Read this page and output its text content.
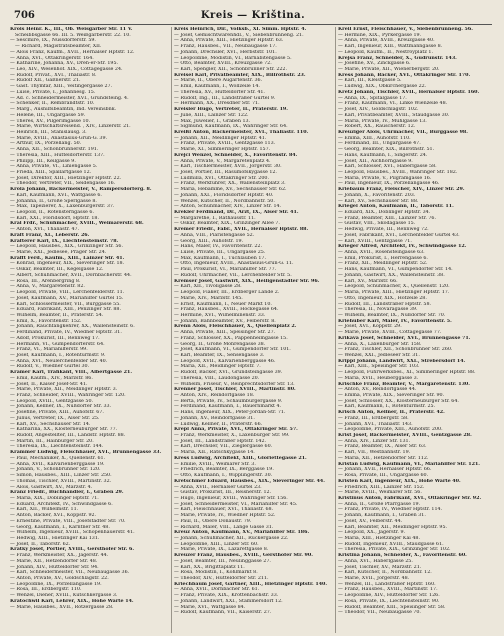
706	Kreis — Kriština.
Krois Heinr. K., III., Ob. Weisgärber Str. 11 V.
Scheibbsgasse 66. III. 5. Weißgärberstr. 22. 10.
— Sescmire, IX., Nussdorferstr. 59.
— Richard, Magistratsbeamter, XII.
— Alois Franz, Kaufm., XVII., Hernalser Hptstr. 12.
— Anna, XVI., Ottakringerstr. 164.
— Katharine, Johanna, XV., Dreh-er-Str. 195.
— Leo, XIV., Wesenhof. XIX., Cottagegasse 24.
— Rudolf, Privat., XVI., Thaliastr. 8.
— Rudolf XII., Gaßnerstr. 21.
— Gäst. Thymfar, XIII., Veitingergasse 27.
— Luise, Private, I., Johannesg. 15.
— Ad. c. Schneidermeister, XVI., Grundsteing. 4.
— Schenker, II., Rembrandtstr. 10.
— Marg., Aushilfsbeamtin, Ind. Vereinsbnk.
— Helene, III., Ungargasse 59.
— Theres, XV., Pilgerimgasse 10.
— Marie, Wirtschaftsreisend. , XIV., Linzerstr. 21.
— Heinrich, III., Stanislausg. 3.
— Marie, XVIII., Anastasius-Grün-G. 39.
— Arthur, IX., Porzellang. 50.
— Anna, XII., Schönbrunnerstr. 191.
— Theresia, XIII., Hütteldorferstr. 137.
— Philipp, III., Keilgasse 9.
— Anna, Private, VI., Liniengasse 5.
— Frieda, XIII., Spallartgasse 12.
— Josef, Direktor, XIII., Hietzinger Hptstr. 22.
— Theodor, Vertreter, VII., Seidengasse 16.
Kröla Johann, Bäckermeister, V., Rampersdorferg. 8.
— Karl, Kaufmann, XVI., Wattgasse 6.
— Johanna, II., Große Sperlgasse 8.
— Max, Tapezierer, X., Laxenburgerstr. 37.
— Leopold, II., Rotensterngasse 6.
— Karl, XXI., Floridsdorf, Hptstr. 18.
Kral Frdr., Schuhmacher, XVIII., Weimarerstr. 68.
— Anton, XVI., Thaliastr. 47.
Kräft Franz, XI., Leberstr. 26.
Krafterer Karl, IX., Liechtensteinstr. 78.
— Leopold, Hausbes., XIX., Grinzinger Str. 56.
— Marie, XXI., Jedlesee, Prager Str. 24.
Krafft Ferd., Kaufm., XIII., Lainzer Str. 41.
— Konrad, Ingenieur, XIX., Sieveringer Str. 18.
— Oskar, Beamter, III., Kegelgasse 12.
— Albert, Schuhmacher, XVII., Dornbacherstr. 44.
— Rosa, III., Arenbergring 8.
— Anna, V., Margaretenstr. 82.
— Leopold, Private, VIII., Lerchenfelderstr. 11.
— Josef, Kaufmann, XV., Mariahilfer Gürtel 15.
— Karl, Schlossermeister, VII., Burggasse 55.
— Eduard, Fabrikant, XIII., Penzinger Str. 88.
— Wilhelm, Beamter, II., Praterstr. 54.
— Emil, X., Favoritenstr. 152.
— Johann, Rauchfangkehrer, XX., Wallensteinstr. 6.
— Ferdinand, Private, IV., Wiedner Hptstr. 31.
— Adolf, Prokurist, III., Rennweg 17.
— Hermann, VI., Gumpendorferstr. 64.
— Franz, VI., Mariahilferstr. 99.
— Josef, Kaufmann, I., Rotenturmstr. 9.
— Anna, XVI., Neulerchenfelder Str. 40.
— Rudolf, V., Wiedner Gürtel 30.
Kramer Karl, Trafikant, VIII., Albertgasse 21.
— Emil, Kaufm., XIV., Märzstr. 86.
— Josef, II., Kaiser Josef-Str. 41.
— Marie, Private, XII., Meidlinger Hptstr. 3.
— Franz, Schneider, XVIII., Währinger Str. 120.
— Leopold, XVIII., Gentzgasse 50.
— Johann, Kellner, IX., Nußdorfer Str. 33.
— Josefine, Private, XIII., Auhofstr. 67.
— Julius, Vertreter, IX., Alser Str. 25.
— Karl, XV., Sechshauser Str. 14.
— Katharina, XX., Klosterneuburger Str. 77.
— Rudolf, Angestellter, III., Landstr. Hptstr. 88.
— Martin, III., Hainburger Str. 20.
— Theresia, IX., Liechtensteinstr. 144.
Krammer Ludwig, Fleischhauer, XVI., Brunnengasse 33.
— Paul, Mechaniker, X., Quellenstr. 61.
— Anna, XVII., Kalvarienberggasse 19.
— Johann, V., Schönbrunner Str. 120.
— Simon, Hausbes., XIII., Linzer Str. 250.
— Thomas, Tischler, XVIII., Martinstr. 32.
— Alois, Gastwirt, XV., Märzstr. 4.
Kranz Friedr., Buchhändler, I., Graben 29.
— Maria, XIX., Döblinger Hptstr. 71.
— Eduard, Architekt, IV., Schwindgasse 6.
— Karl, XII., Wilhelmstr. 11.
— Anton, Bäcker, XVI., Koppstr. 92.
— Ernestine, Private, VIII., Josefstädter Str. 70.
— Georg, Kaufmann, I., Kärntner Str. 48.
— Wilhelm, Ingenieur, XVIII., Schopenhauerstr. 41.
— Hedwig, XIII., Hietzinger Kai 131.
— Josef, II., Taborstr. 62.
Kratky Josef, Portier, XVIII., Gersthofer Str. 6.
— Franz, Werkmeister, XX., Jägerstr. 44.
— Marie, XII., Hetzendorfer Str. 48.
— Johann, XIV., Hütteldorfer Str. 94.
— Karl, Schneidermeister, VII., Neubaugasse 36.
— Anton, Private, XV., Goldschlagstr. 22.
— Leopoldine, IX., Porzellangasse 19.
— Rosa, III., Erdbergstr. 110.
— Wenzel, Diener, XVIII., Kutschkergasse 3.
Kratochwil Karl, Lehrer, XIX., Hohe Warte 14.
— Marie, Hausbes., XVII., Rötzergasse 28.
Kreis Heinrich, Dir., Volksb., XI. Simm. Hptstr. 4.
— Josef, Gemischtwarenhdl., V., Siebenbrunneng. 21.
— Anna, Private, XIII., Hietzinger Hptstr. 63.
— Franz, Hausbes., VII., Neubaugasse 17.
— Johann, Drechsler, XVI., Herbststr. 101.
— Leopoldine, Modistin, VI., Barnabitengasse 5.
— Otto, Beamter, XVIII., Kreuzgasse 72.
— Karl, Spengler, XII., Schönbrunner Str. 222.
Kreisel Karl, Privatbeamter, XIX., Billrothstr. 23.
— Marie, II., Obere Augartenstr. 36.
— Emil, Kaufmann, I., Wollzeile 14.
— Theresia, XV., Hütteldorfer Str. 41.
— Rudolf, Ing., III., Landstraßer Gürtel 9.
— Hermann, XX., Dresdner Str. 71.
Kreisler Hugo, Vertreter, II., Praterstr. 19.
— Julie, XIII., Lainzer Str. 122.
— Max, Juwelier, I., Graben 13.
— Sigmund, Kaufmann, IX., Währinger Str. 64.
Kreißl Anton, Bäckermeister, XVI., Thaliastr. 110.
— Johann, XII., Meidlinger Hptstr. 41.
— Franz, Private, XVIII., Gentzgasse 113.
— Marie, XI., Simmeringer Hptstr. 157.
Krejci Wenzel, Schneider, X., Favoritenstr. 84.
— Anna, Private, V., Margaretenplatz 4.
— Karl, Tischlermeister, XVII., Jörgerstr. 30.
— Josef, Portier, III., Rasumofskygasse 12.
— Ludmilla, XVI., Ottakringer Str. 200.
— Franz, Werkführer, XX., Wallensteinplatz 3.
— Maria, Hebamme, XV., Sechshauser Str. 62.
— Johann, XXI., Floridsdorfer Hptstr. 40.
— Wenzel, Kutscher, II., Nordbahnstr. 50.
— Anton, Schuhmacher, XIV., Linzer Str. 14.
Krekler Ferdinand, Dr., Arzt, IX., Alser Str. 41.
— Margarethe, I., Rathausstr. 11.
— Oskar, Beamter, XIX., Grinzinger Allee 7.
Kremer Friedr., Fabr., XVII., Hernalser Hptstr. 88.
— Anna, VIII., Piaristengasse 52.
— Georg, XIII., Auhofstr. 19.
— Hans, Maler, IV., Favoritenstr. 22.
— Luise, Private, III., Ungargasse 25.
— Max, Kaufmann, I., Tuchlauben 17.
— Otto, Ingenieur, XVIII., Anastasius-Grün-G. 11.
— Paul, Prokurist, VI., Mariahilfer Str. 77.
— Rudolf, Uhrmacher, VII., Lerchenfelder Str. 5.
Kremser Josef, Gastwirt, XIX., Heiligenstädter Str. 96.
— Karl, XII., Tivoligasse 28.
— Leopold, Fiaker, III., Erdberger Lände 2.
— Marie, XIV., Märzstr. 145.
— Ernst, Kaufmann, I., Neuer Markt 10.
— Franz, Hausbes., XVIII., Hockegasse 64.
— Hermine, XVI., Wilhelminenstr. 33.
— Johann, Bahnbeamter, XV., Felberstr. 8.
Krenn Alois, Fleischhauer, X., Quellenplatz 2.
— Anna, Private, XIII., Speisinger Str. 27.
— Franz, Schlosser, XX., Pappenheimgasse 15.
— Georg, II., Große Mohrengasse 38.
— Josef, Kaufmann, VI., Gumpendorfer Str. 101.
— Karl, Beamter, IX., Sensengasse 3.
— Leopold, XVII., Kalvarienberggasse 46.
— Maria, XII., Meidlinger Hptstr. 7.
— Rudolf, Bäcker, XVI., Grundsteingasse 39.
— Theresia, VIII., Laudongasse 20.
— Wilhelm, Friseur, V., Reinprechtsdorfer Str. 13.
Krenner Josef, Tischler, XVIII., Martinstr. 80.
— Anton, XIV., Reindorfgasse 18.
— Berta, Private, IV., Schaumburgergasse 9.
— Ferdinand, Kaufmann, I., Bauernmarkt 4.
— Hans, Ingenieur, XIX., Peter-Jordan-Str. 71.
— Johann, XV., Reindorfgasse 31.
— Ludwig, Kellner, II., Praterstr. 66.
Krepl Anna, Private, XVI., Ottakringer Str. 57.
— Franz, Werkmeister, X., Laxenburger Str. 99.
— Josef, III., Landstraßer Hptstr. 142.
— Karl, Drechsler, VII., Zieglergasse 60.
— Maria, XII., Ratschkygasse 14.
Kress Ludwig, Architekt, XIII., Gloriettegasse 21.
— Emilie, XVIII., Weimarer Str. 3.
— Friedrich, Beamter, IX., Berggasse 19.
— Otto, Kaufmann, I., Wipplingerstr. 30.
Kretschmer Eduard, Hausbes., XIX., Sieveringer Str. 44.
— Anna, XVII., Hernalser Gürtel 23.
— Gustav, Prokurist, III., Reisnerstr. 12.
— Hugo, Ingenieur, XVIII., Währinger Str. 156.
— Josef, Schneidermeister, VI., Mariahilfer Str. 45.
— Karl, Fleischhauer, XVI., Thaliastr. 68.
— Marie, Private, IV., Wiedner Hptstr. 52.
— Paul, II., Obere Donaustr. 79.
— Richard, Maler, VIII., Lange Gasse 31.
Kreuz Anton, Kaufmann, XV., Mariahilfer Str. 186.
— Johann, Schuhmacher, XII., Ruckergasse 22.
— Leopoldine, XIII., Linzer Str. 60.
— Marie, Private, IX., Lazarettgasse 8.
Kreuzer Franz, Hausbes., XVIII., Gersthofer Str. 90.
— Josef, Beamter, III., Neulinggasse 27.
— Karl, XX., Brigittaplatz 11.
— Rosa, Modistin, I., Kohlmarkt 8.
— Theodor, XIV., Hütteldorfer Str. 211.
Kriechbaum Josef, Gärtner, XIII., Hietzinger Hptstr. 140.
— Anna, XVII., Dornbacher Str. 61.
— Franz, Private, XIX., Krottenbachstr. 33.
— Johann, Landwirt, XXI., Stammersdorf 12.
— Marie, XVI., Wattgasse 84.
— Rudolf, Kaufmann, VII., Kaiserstr. 27.
Kreil Ernst, Fleischhauer, V., Siebenbrunneng. 56.
— Hermine, XIX., Pyrkergasse 19.
— Anna, Private, XVIII., Kreuzgasse 40.
— Karl, Ingenieur, XIII., Wattmanngasse 8.
— Leopold, Kaufm., II., Nestroyplatz 1.
Krejsa Franz, Schneider, X., Gudrunstr. 143.
— Josefine, XV., Zinckgasse 6.
— Marie, Private, XII., Wienerbergstr. 20.
Kress Johann, Bäcker, XVI., Ottakringer Str. 170.
— Karl, III., Kleistgasse 5.
— Ludwig, XIX., Obkirchergasse 22.
Kretz Johann, Tischler, XVII., Hernalser Hptstr. 160.
— Anna, IX., Spitalgasse 17.
— Franz, Kaufmann, VI., Linke Wienzeile 48.
— Josef, XIV., Goldschlagstr. 102.
— Karl, Privatbeamter, XVIII., Staudgasse 30.
— Maria, Private, IV., Mühlgasse 13.
— Robert, XX., Rauscherstr. 12.
Kreuziger Alois, Uhrmacher, VII., Burggasse 98.
— Emma, XIII., Auhofstr. 110.
— Ferdinand, III., Ungargasse 47.
— Georg, Beamter, XIX., Billrothstr. 51.
— Hans, Kaufmann, I., Singerstr. 24.
— Josef, XII., Aichhorngasse 9.
— Karl, Schlosser, XVI., Haberlgasse 58.
— Leopold, Hausbes., XVIII., Währinger Str. 182.
— Maria, Private, V., Pilgramgasse 16.
— Paul, Ingenieur, IX., Porzellangasse 46.
Kriebaum Franz, Fleischer, XIV., Linzer Str. 29.
— Johann, X., Favoritenstr. 203.
— Karl, XV., Sechshauser Str. 88.
Kriegel Anton, Kaufmann, II., Taborstr. 11.
— Eduard, XIX., Döblinger Hptstr. 34.
— Franz, Beamter, XIII., Lainzer Str. 76.
— Gustav, VIII., Skodagasse 15.
— Hedwig, Private, III., Rennweg 72.
— Josef, Fabrikant, XVI., Lerchenfelder Gürtel 43.
— Karl, XVIII., Gentzgasse 71.
Krieger Alfred, Architekt, IV., Schwindgasse 12.
— Anna, XVII., Rosensteingasse 63.
— Emil, Prokurist, I., Herrengasse 6.
— Franz, XII., Meidlinger Hptstr. 52.
— Hans, Kaufmann, VI., Gumpendorfer Str. 14.
— Johann, Gastwirt, XX., Wallensteinstr. 38.
— Karl, XV., Märzstr. 66.
— Leopold, Schuhmacher, X., Quellenstr. 120.
— Maria, Private, XIII., Hietzinger Hptstr. 17.
— Otto, Ingenieur, XIX., Hofzeile 28.
— Rudolf, III., Landstraßer Hptstr. 58.
— Theresia, II., Novaragasse 39.
— Wilhelm, Beamter, IX., Nußdorfer Str. 70.
Kriehuber Karl, Maler, IV., Favoritenstr. 5.
— Josef, XVI., Koppstr. 29.
— Marie, Private, XVIII., Cottagegasse 77.
Krikava Josef, Schneider, XVI., Brunnengasse 71.
— Anna, X., Laxenburger Str. 158.
— Franz, Tischler, XII., Schönbrunner Str. 260.
— Wenzel, XXI., Jedleseer Str. 31.
Krippl Johann, Landwirt, XXI., Strebersdorf 14.
— Karl, XIII., Speisinger Str. 103.
— Leopold, Fuhrwerksbes., XI., Simmeringer Hptstr. 88.
— Maria, XVII., Heuberggasse 3.
Krischke Franz, Beamter, V., Margaretenstr. 130.
— Anton, XV., Reindorfgasse 44.
— Emma, Private, XIX., Sieveringer Str. 90.
— Josef, Schlosser, XX., Klosterneuburger Str. 64.
— Karl, Kaufmann, I., Rotenturmstr. 25.
Krisch Anton, Kellner, II., Praterstr. 42.
— Franz, III., Erdbergstr. 58.
— Johann, XVI., Thaliastr. 143.
— Leopoldine, Private, XIII., Auhofstr. 200.
Krist Josef, Bäckermeister, XVIII., Gentzgasse 28.
— Anna, XIV., Linzer Str. 131.
— Franz, Beamter, IX., Alser Str. 63.
— Karl, VII., Westbahnstr. 19.
— Maria, XII., Hetzendorfer Str. 112.
Kristan Ludwig, Kaufmann, VI., Mariahilfer Str. 121.
— Johann, XVII., Hernalser Hptstr. 66.
— Rosa, Private, III., Ungargasse 60.
Kristen Karl, Ingenieur, XIX., Hohe Warte 40.
— Friedrich, XIII., Lainzer Str. 152.
— Marie, XVIII., Weimarer Str. 56.
Kristinus Anton, Fabrikant, XVI., Ottakringer Str. 92.
— Anna, II., Große Pfarrgasse 19.
— Franz, Private, IV., Wiedner Hptstr. 114.
— Johann, Kaufmann, I., Graben 31.
— Josef, XV., Felberstr. 44.
— Karl, Beamter, XII., Meidlinger Hptstr. 95.
— Leopold, XX., Jägerstr. 9.
— Maria, XIII., Hietzinger Kai 48.
— Rudolf, Ingenieur, XVIII., Staudgasse 61.
— Theresia, Private, XIX., Grinzinger Str. 102.
Kriština Johann, Schneider, X., Favoritenstr. 60.
— Anna, XVI., Haberlgasse 25.
— Josef, Tischler, XV., Märzstr. 21.
— Karl, Kutscher, II., Nordbahnstr. 12.
— Marie, XVII., Jörgerstr. 48.
— Wenzel, III., Landstraßer Hptstr. 160.
— Franz, Hausbes., XVIII., Martinstr. 17.
— Leopoldine, XIV., Hütteldorfer Str. 126.
— Rosa, Private, IX., Liechtensteinstr. 90.
— Rudolf, Beamter, XIII., Speisinger Str. 58.
— Theodor, VII., Neubaugasse 70.
